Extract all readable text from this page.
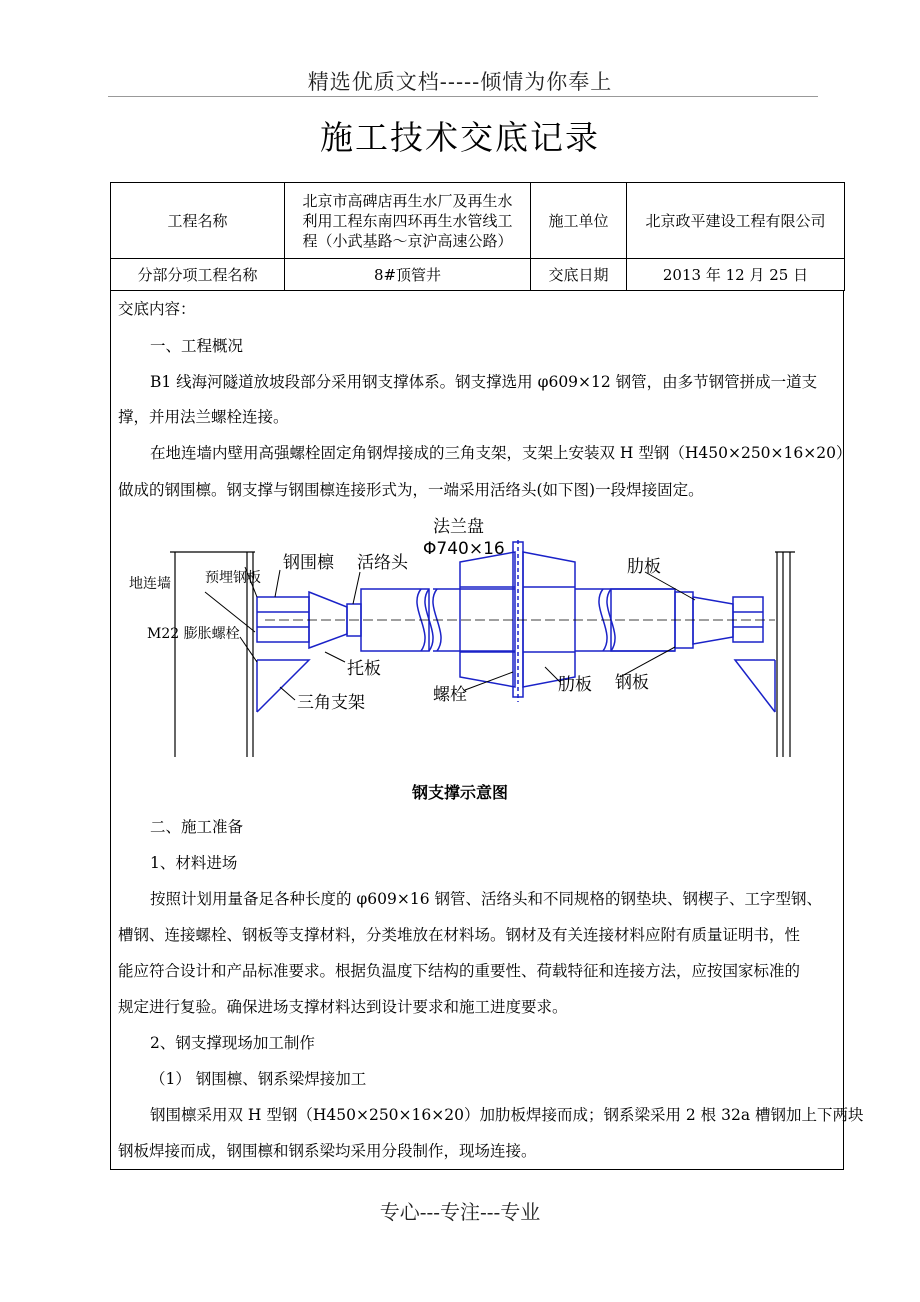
精选优质文档-----倾情为你奉上
施工技术交底记录
工程名称	北京市高碑店再生水厂及再生水
利用工程东南四环再生水管线工
程（小武基路～京沪高速公路）	施工单位	北京政平建设工程有限公司
分部分项工程名称	8#顶管井	交底日期	2013 年 12 月 25 日
交底内容：
一、工程概况
B1 线海河隧道放坡段部分采用钢支撑体系。钢支撑选用 φ609×12 钢管，由多节钢管拼成一道支
撑，并用法兰螺栓连接。
在地连墙内壁用高强螺栓固定角钢焊接成的三角支架，支架上安装双 H 型钢（H450×250×16×20）
做成的钢围檩。钢支撑与钢围檩连接形式为，一端采用活络头(如下图)一段焊接固定。
法兰盘
Φ740×16
地连墙 预埋钢板
钢围檩 活络头	肋板
M22 膨胀螺栓
托板
三角支架	螺栓	肋板 钢板
钢支撑示意图
二、施工准备
1、材料进场
按照计划用量备足各种长度的 φ609×16 钢管、活络头和不同规格的钢垫块、钢楔子、工字型钢、
槽钢、连接螺栓、钢板等支撑材料，分类堆放在材料场。钢材及有关连接材料应附有质量证明书，性
能应符合设计和产品标准要求。根据负温度下结构的重要性、荷载特征和连接方法，应按国家标准的
规定进行复验。确保进场支撑材料达到设计要求和施工进度要求。
2、钢支撑现场加工制作
（1） 钢围檩、钢系梁焊接加工
钢围檩采用双 H 型钢（H450×250×16×20）加肋板焊接而成；钢系梁采用 2 根 32a 槽钢加上下两块
钢板焊接而成，钢围檩和钢系梁均采用分段制作，现场连接。
专心---专注---专业
